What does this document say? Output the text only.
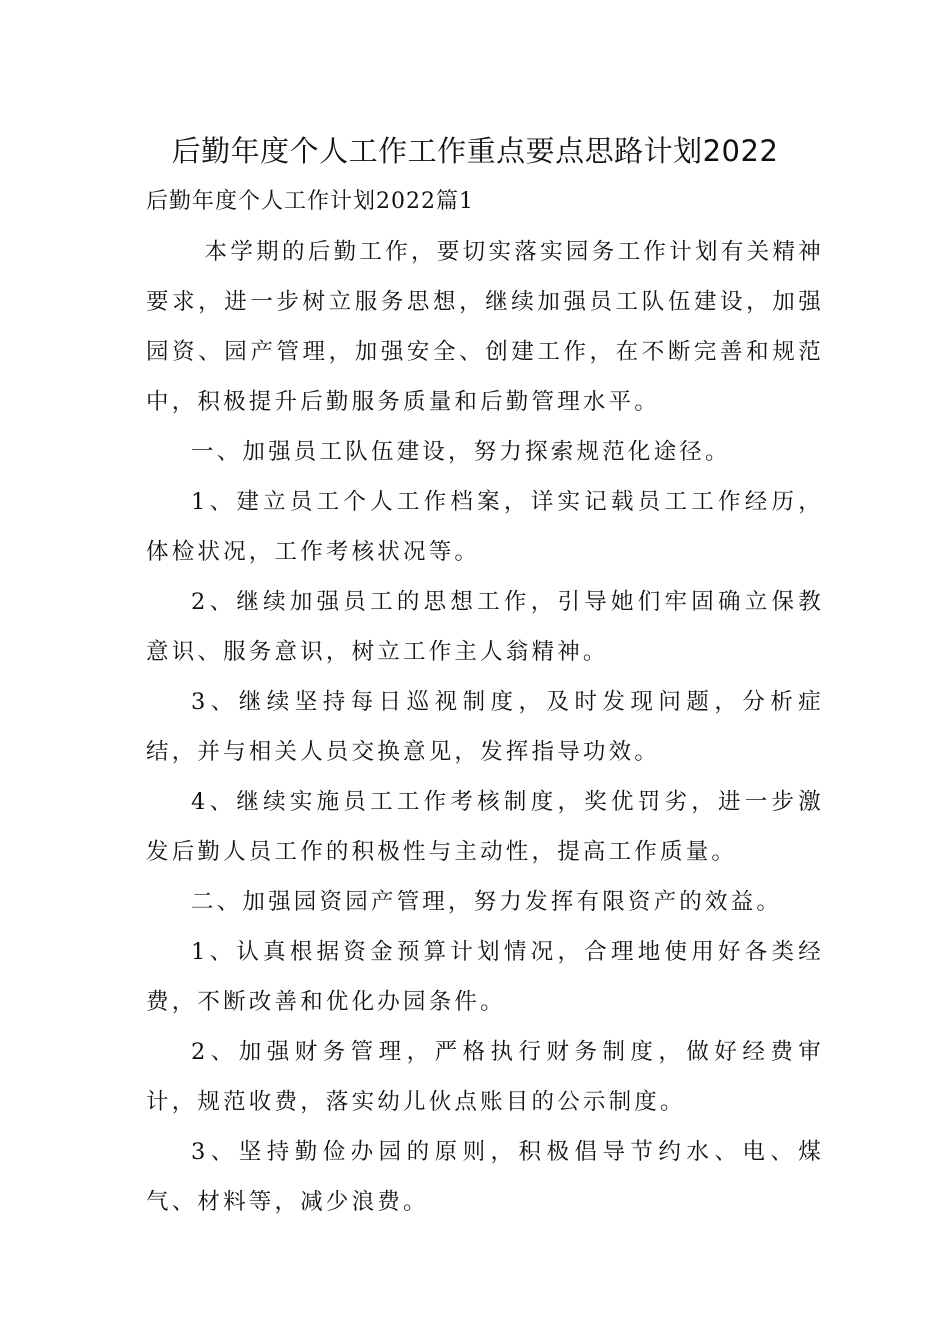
后勤年度个人工作工作重点要点思路计划2022

后勤年度个人工作计划2022篇1

本学期的后勤工作，要切实落实园务工作计划有关精神要求，进一步树立服务思想，继续加强员工队伍建设，加强园资、园产管理，加强安全、创建工作，在不断完善和规范中，积极提升后勤服务质量和后勤管理水平。

一、加强员工队伍建设，努力探索规范化途径。

1、建立员工个人工作档案，详实记载员工工作经历，体检状况，工作考核状况等。

2、继续加强员工的思想工作，引导她们牢固确立保教意识、服务意识，树立工作主人翁精神。

3、继续坚持每日巡视制度，及时发现问题，分析症结，并与相关人员交换意见，发挥指导功效。

4、继续实施员工工作考核制度，奖优罚劣，进一步激发后勤人员工作的积极性与主动性，提高工作质量。

二、加强园资园产管理，努力发挥有限资产的效益。

1、认真根据资金预算计划情况，合理地使用好各类经费，不断改善和优化办园条件。

2、加强财务管理，严格执行财务制度，做好经费审计，规范收费，落实幼儿伙点账目的公示制度。

3、坚持勤俭办园的原则，积极倡导节约水、电、煤气、材料等，减少浪费。
